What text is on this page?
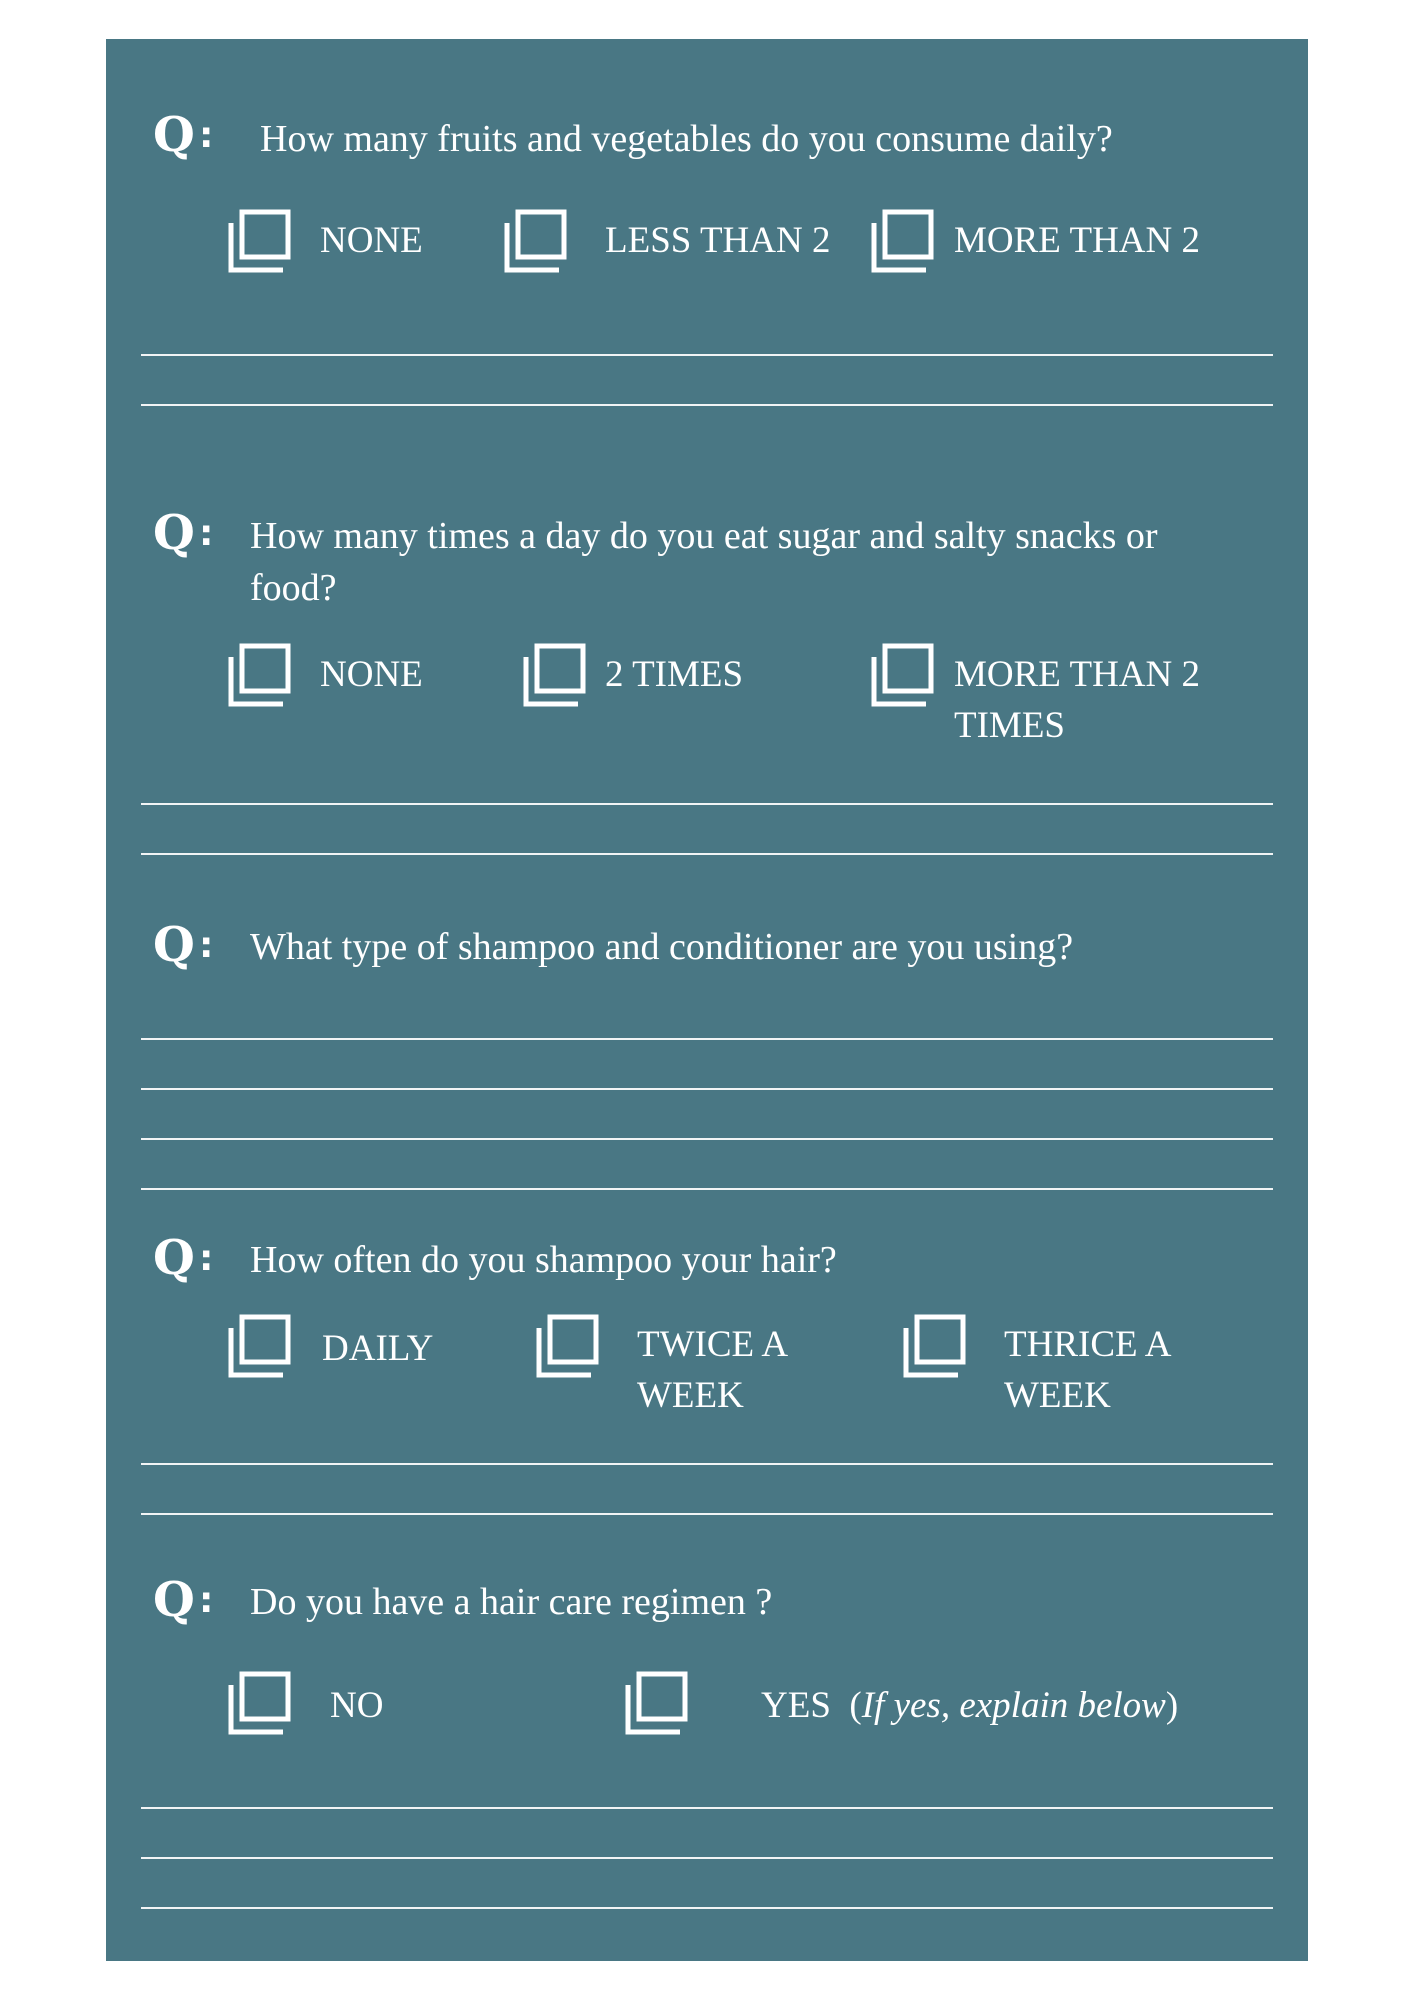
Q : How many fruits and vegetables do you consume daily?
NONE	LESS THAN 2	MORE THAN 2
Q : How many times a day do you eat sugar and salty snacks or
food?
NONE	2 TIMES	MORE THAN 2
TIMES
Q : What type of shampoo and conditioner are you using?
Q : How often do you shampoo your hair?
DAILY	TWICE A
WEEK
THRICE A
WEEK
Q : Do you have a hair care regimen ?
NO	YES (If yes, explain below)
